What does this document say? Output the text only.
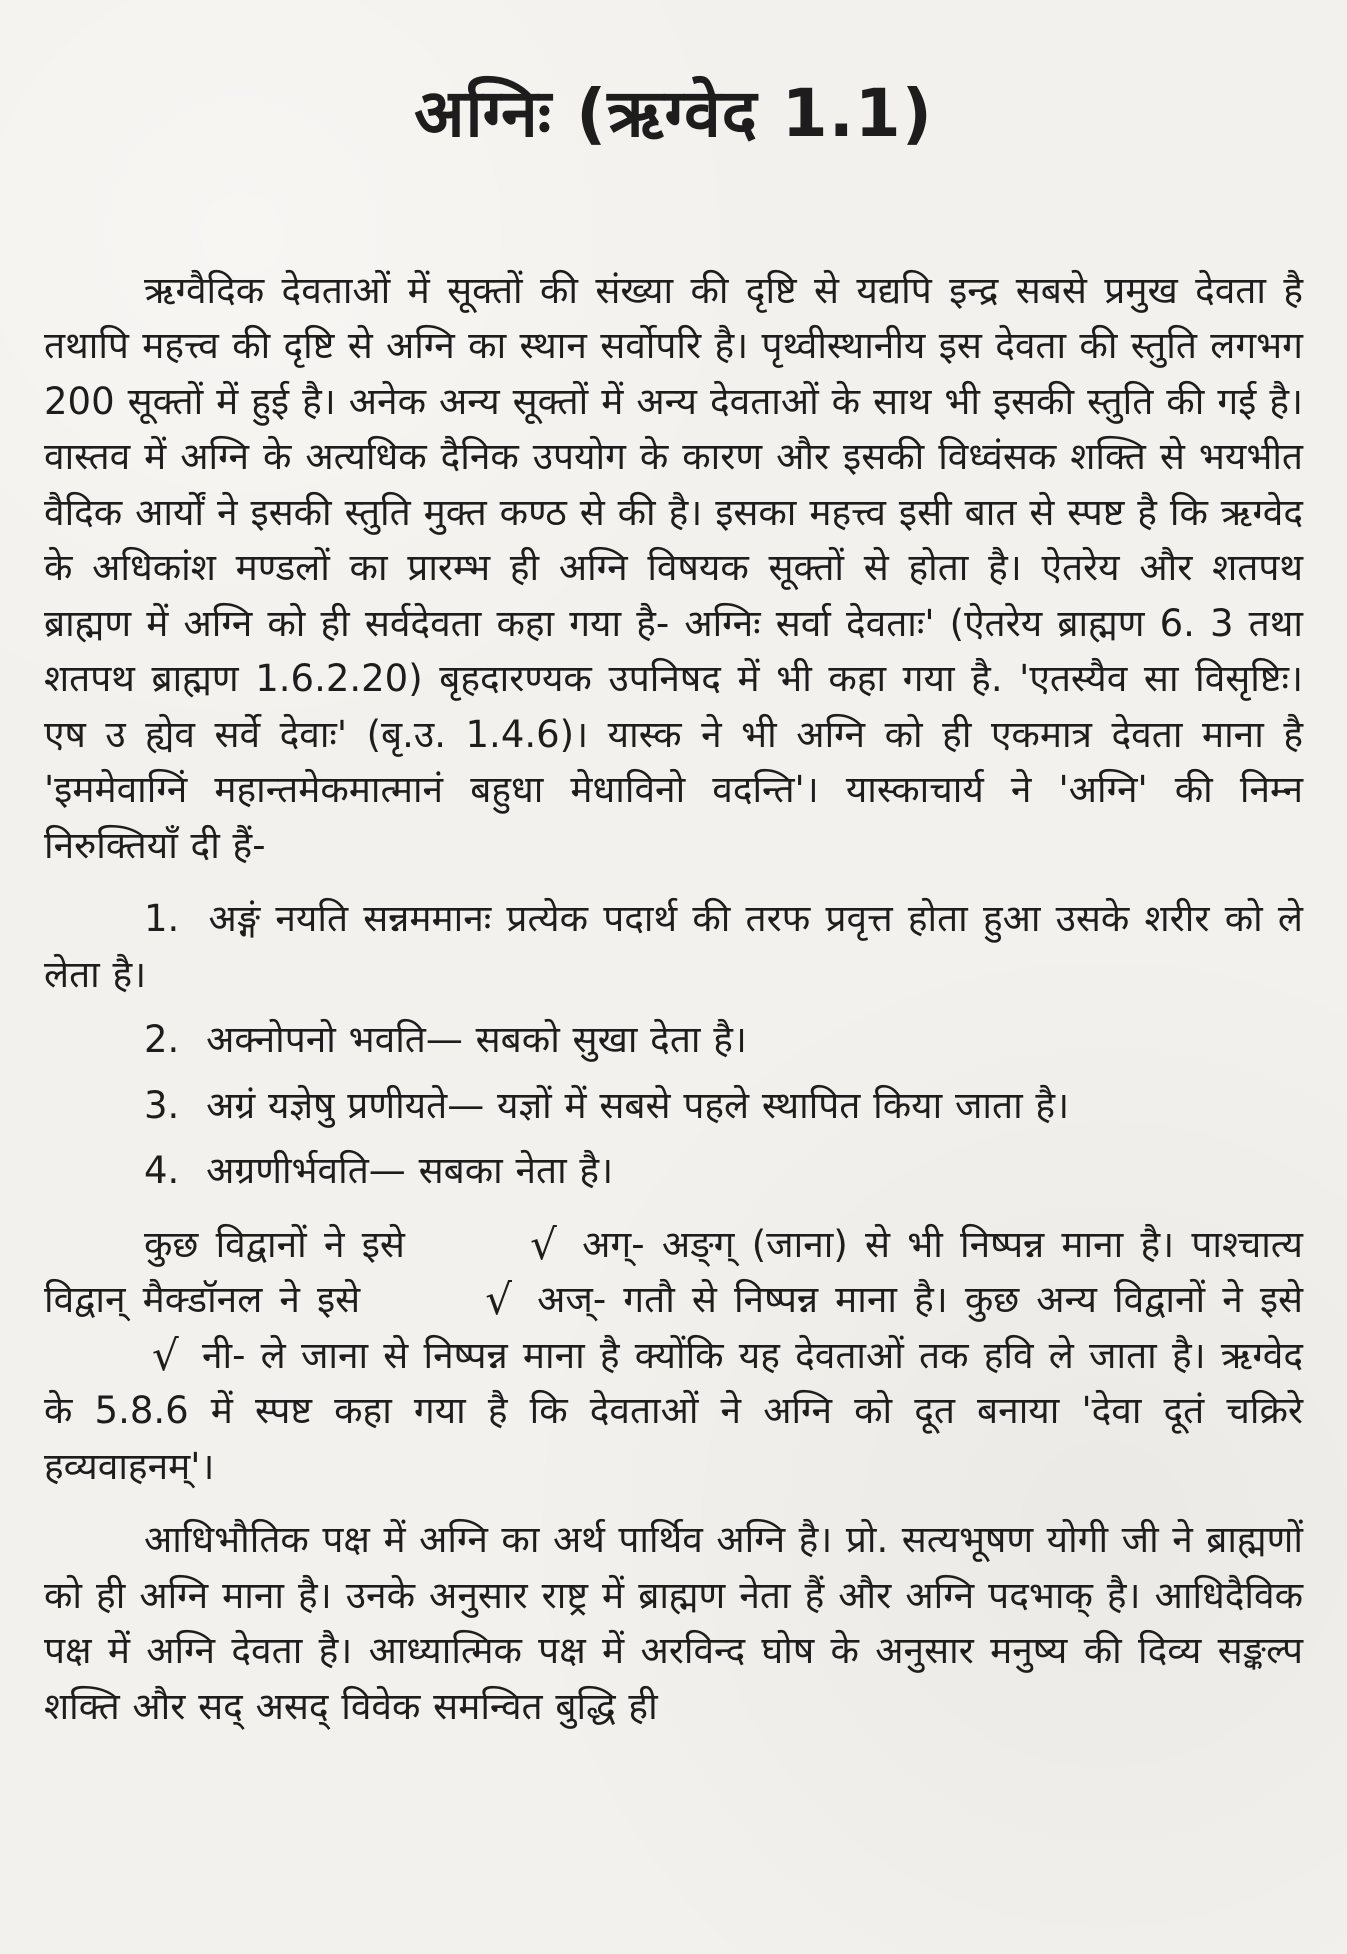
अग्निः (ऋग्वेद 1.1)

ऋग्वैदिक देवताओं में सूक्तों की संख्या की दृष्टि से यद्यपि इन्द्र सबसे प्रमुख देवता है तथापि महत्त्व की दृष्टि से अग्नि का स्थान सर्वोपरि है। पृथ्वीस्थानीय इस देवता की स्तुति लगभग 200 सूक्तों में हुई है। अनेक अन्य सूक्तों में अन्य देवताओं के साथ भी इसकी स्तुति की गई है। वास्तव में अग्नि के अत्यधिक दैनिक उपयोग के कारण और इसकी विध्वंसक शक्ति से भयभीत वैदिक आर्यों ने इसकी स्तुति मुक्त कण्ठ से की है। इसका महत्त्व इसी बात से स्पष्ट है कि ऋग्वेद के अधिकांश मण्डलों का प्रारम्भ ही अग्नि विषयक सूक्तों से होता है। ऐतरेय और शतपथ ब्राह्मण में अग्नि को ही सर्वदेवता कहा गया है- अग्निः सर्वा देवताः' (ऐतरेय ब्राह्मण 6. 3 तथा शतपथ ब्राह्मण 1.6.2.20) बृहदारण्यक उपनिषद में भी कहा गया है. 'एतस्यैव सा विसृष्टिः। एष उ ह्येव सर्वे देवाः' (बृ.उ. 1.4.6)। यास्क ने भी अग्नि को ही एकमात्र देवता माना है 'इममेवाग्निं महान्तमेकमात्मानं बहुधा मेधाविनो वदन्ति'। यास्काचार्य ने 'अग्नि' की निम्न निरुक्तियाँ दी हैं-

1. अङ्गं नयति सन्नममानः प्रत्येक पदार्थ की तरफ प्रवृत्त होता हुआ उसके शरीर को ले लेता है।
2. अक्नोपनो भवति— सबको सुखा देता है।
3. अग्रं यज्ञेषु प्रणीयते— यज्ञों में सबसे पहले स्थापित किया जाता है।
4. अग्रणीर्भवति— सबका नेता है।

कुछ विद्वानों ने इसे	√ अग्- अङ्ग् (जाना) से भी निष्पन्न माना है। पाश्चात्य विद्वान् मैक्डॉनल ने इसे	√ अज्- गतौ से निष्पन्न माना है। कुछ अन्य विद्वानों ने इसे √ नी- ले जाना से निष्पन्न माना है क्योंकि यह देवताओं तक हवि ले जाता है। ऋग्वेद के 5.8.6 में स्पष्ट कहा गया है कि देवताओं ने अग्नि को दूत बनाया 'देवा दूतं चक्रिरे हव्यवाहनम्'।

आधिभौतिक पक्ष में अग्नि का अर्थ पार्थिव अग्नि है। प्रो. सत्यभूषण योगी जी ने ब्राह्मणों को ही अग्नि माना है। उनके अनुसार राष्ट्र में ब्राह्मण नेता हैं और अग्नि पदभाक् है। आधिदैविक पक्ष में अग्नि देवता है। आध्यात्मिक पक्ष में अरविन्द घोष के अनुसार मनुष्य की दिव्य सङ्कल्प शक्ति और सद् असद् विवेक समन्वित बुद्धि ही
